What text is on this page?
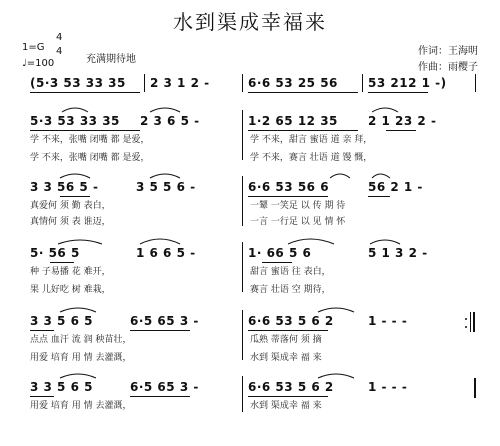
水到渠成幸福来
1=G
4
4
♩=100	充满期待地
作词：王海明
作曲：雨樱子
(5·3 53 33 35 2 3 1 2 -	6·6 53 25 56	53 212 1 -)
5·3 53 33 35 2 3 6 5 -	1·2 65 12 35	2 1 23 2 -
学 不来，张嘴 闭嘴 都 是爱，	学 不来，甜言 蜜语 道 亲 拜，
学 不来，张嘴 闭嘴 都 是爱，	学 不来，赛言 壮语 道 馒 慨，
3 3 56 5 -	3 5 5 6 -	6·6 53 56 6	56 2 1 -
真爱何 须 勤 表白，	一颦 一笑足 以 传 期 待
真情何 须 表 谁迈，	一言 一行足 以 见 情 怀
5· 56 5	1 6 6 5 -	1· 66 5 6	5 1 3 2 -
种 子易播 花 难开，	甜言 蜜语 往 表白，
果 儿好吃 树 难栽，	赛言 壮语 空 期待，
3 3 5 6 5	6·5 65 3 -	6·6 53 5 6 2	1 - - -
点点 血汗 流 润 秧苗壮，	瓜熟 蒂落何 须 摘
用爱 培育 用 情 去灌溉，	水到 渠成幸 福 来
3 3 5 6 5	6·5 65 3 -	6·6 53 5 6 2	1 - - -
用爱 培育 用 情 去灌溉，	水到 渠成幸 福 来
